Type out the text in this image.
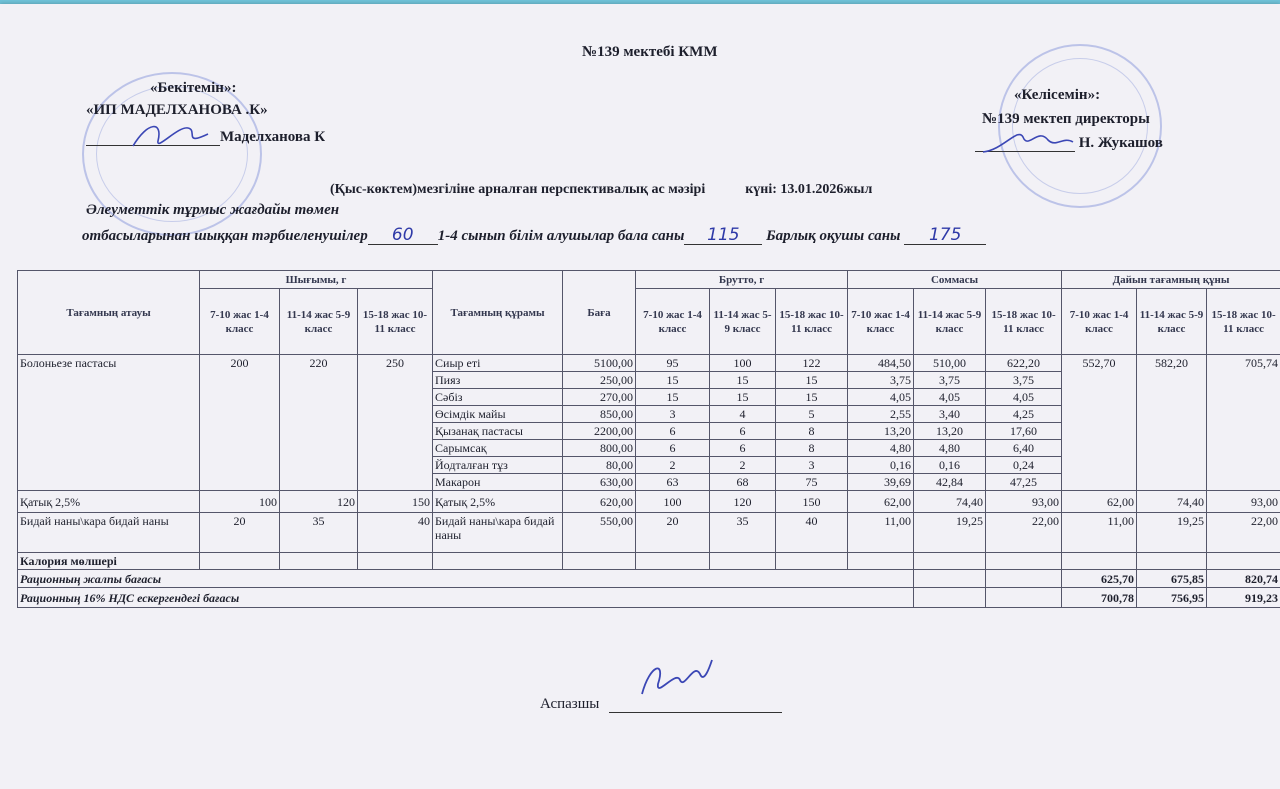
№139 мектебі КММ
«Бекітемін»:
«ИП МАДЕЛХАНОВА .К»
Маделханова К
«Келісемін»:
№139 мектеп директоры
Н. Жукашов
(Қыс-көктем)мезгіліне арналған перспективалық ас мәзірі	күні: 13.01.2026жыл
Әлеуметтік тұрмыс жағдайы төмен
отбасыларынан шыққан тәрбиеленушілер 60 1-4 сынып білім алушылар бала саны 115 Барлық оқушы саны 175
Тағамның атауы	Шығымы, г			Тағамның құрамы	Баға	Брутто, г			Соммасы			Дайын тағамның құны		
	7-10 жас 1-4 класс	11-14 жас 5-9 класс	15-18 жас 10-11 класс			7-10 жас 1-4 класс	11-14 жас 5-9 класс	15-18 жас 10-11 класс	7-10 жас 1-4 класс	11-14 жас 5-9 класс	15-18 жас 10-11 класс	7-10 жас 1-4 класс	11-14 жас 5-9 класс	15-18 жас 10-11 класс
Болоньезе пастасы	200	220	250	Сиыр еті	5100,00	95	100	122	484,50	510,00	622,20	552,70	582,20	705,74
				Пияз	250,00	15	15	15	3,75	3,75	3,75			
				Сәбіз	270,00	15	15	15	4,05	4,05	4,05			
				Өсімдік майы	850,00	3	4	5	2,55	3,40	4,25			
				Қызанақ пастасы	2200,00	6	6	8	13,20	13,20	17,60			
				Сарымсақ	800,00	6	6	8	4,80	4,80	6,40			
				Йодталған тұз	80,00	2	2	3	0,16	0,16	0,24			
				Макарон	630,00	63	68	75	39,69	42,84	47,25			
Қатық 2,5%	100	120	150	Қатық 2,5%	620,00	100	120	150	62,00	74,40	93,00	62,00	74,40	93,00
Бидай наны\кара бидай наны	20	35	40	Бидай наны\кара бидай наны	550,00	20	35	40	11,00	19,25	22,00	11,00	19,25	22,00
Калория мөлшері														
Рационның жалпы бағасы												625,70	675,85	820,74
Рационның 16% НДС ескергендегі бағасы												700,78	756,95	919,23
Аспазшы
